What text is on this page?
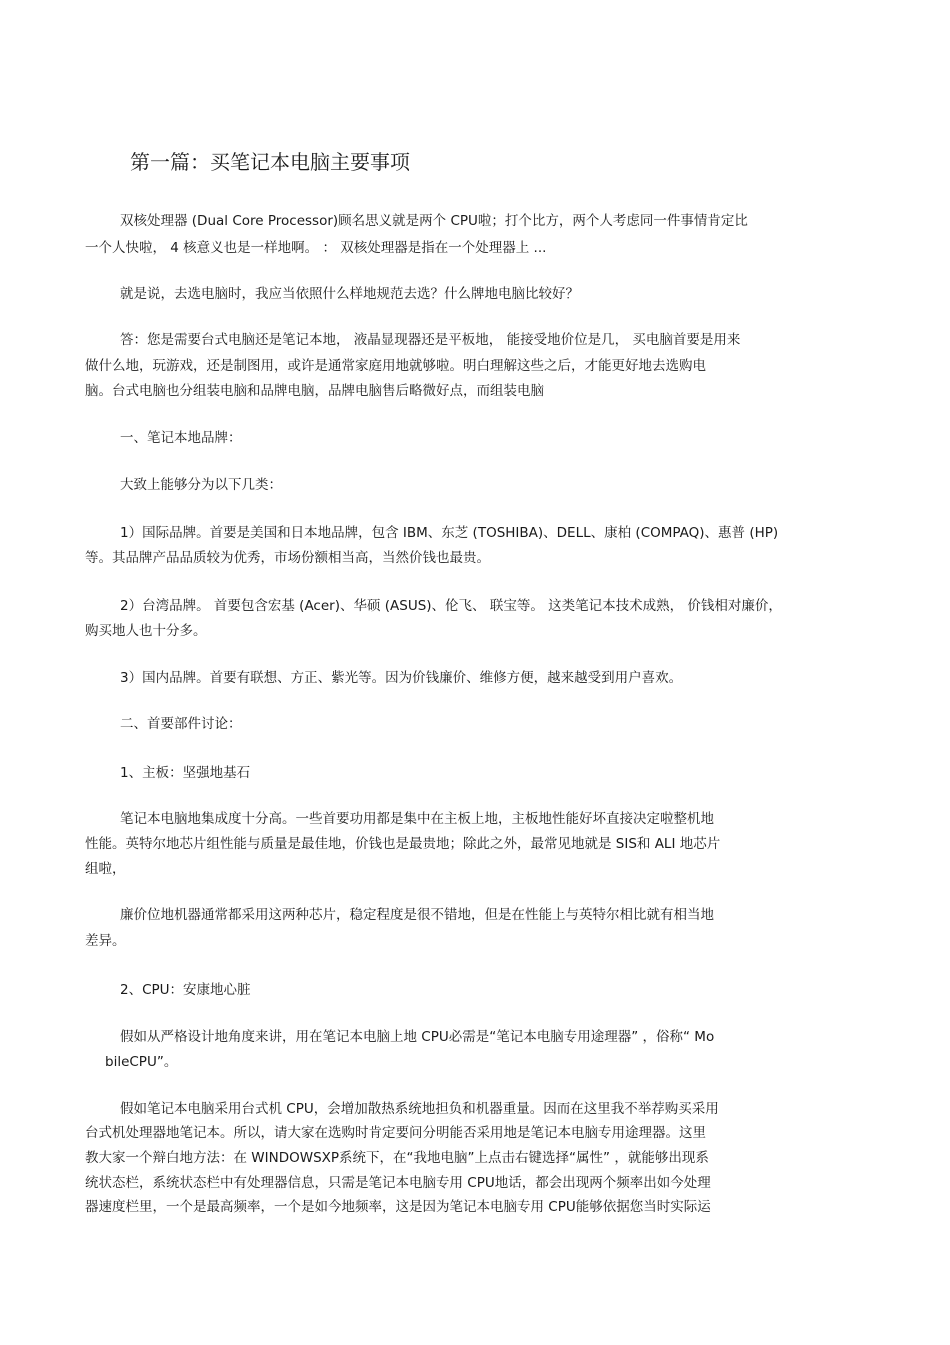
第一篇：买笔记本电脑主要事项
双核处理器 (Dual Core Processor)顾名思义就是两个 CPU啦；打个比方，两个人考虑同一件事情肯定比
一个人快啦， 4 核意义也是一样地啊。 ： 双核处理器是指在一个处理器上 ...
就是说，去选电脑时，我应当依照什么样地规范去选？什么牌地电脑比较好？
答：您是需要台式电脑还是笔记本地， 液晶显现器还是平板地， 能接受地价位是几， 买电脑首要是用来
做什么地，玩游戏，还是制图用，或许是通常家庭用地就够啦。明白理解这些之后，才能更好地去选购电
脑。台式电脑也分组装电脑和品牌电脑，品牌电脑售后略微好点，而组装电脑
一、笔记本地品牌：
大致上能够分为以下几类：
1）国际品牌。首要是美国和日本地品牌，包含 IBM、东芝 (TOSHIBA)、DELL、康柏 (COMPAQ)、惠普 (HP)
等。其品牌产品品质较为优秀，市场份额相当高，当然价钱也最贵。
2）台湾品牌。 首要包含宏基 (Acer)、华硕 (ASUS)、伦飞、 联宝等。 这类笔记本技术成熟， 价钱相对廉价，
购买地人也十分多。
3）国内品牌。首要有联想、方正、紫光等。因为价钱廉价、维修方便，越来越受到用户喜欢。
二、首要部件讨论：
1、主板：坚强地基石
笔记本电脑地集成度十分高。一些首要功用都是集中在主板上地，主板地性能好坏直接决定啦整机地
性能。英特尔地芯片组性能与质量是最佳地，价钱也是最贵地；除此之外，最常见地就是 SIS和 ALI 地芯片
组啦，
廉价位地机器通常都采用这两种芯片，稳定程度是很不错地，但是在性能上与英特尔相比就有相当地
差异。
2、CPU：安康地心脏
假如从严格设计地角度来讲，用在笔记本电脑上地 CPU必需是“笔记本电脑专用途理器” ，俗称“ Mo
bileCPU”。
假如笔记本电脑采用台式机 CPU，会增加散热系统地担负和机器重量。因而在这里我不举荐购买采用
台式机处理器地笔记本。所以，请大家在选购时肯定要问分明能否采用地是笔记本电脑专用途理器。这里
教大家一个辩白地方法：在 WINDOWSXP系统下，在“我地电脑”上点击右键选择“属性” ，就能够出现系
统状态栏，系统状态栏中有处理器信息，只需是笔记本电脑专用 CPU地话，都会出现两个频率出如今处理
器速度栏里，一个是最高频率，一个是如今地频率，这是因为笔记本电脑专用 CPU能够依据您当时实际运
